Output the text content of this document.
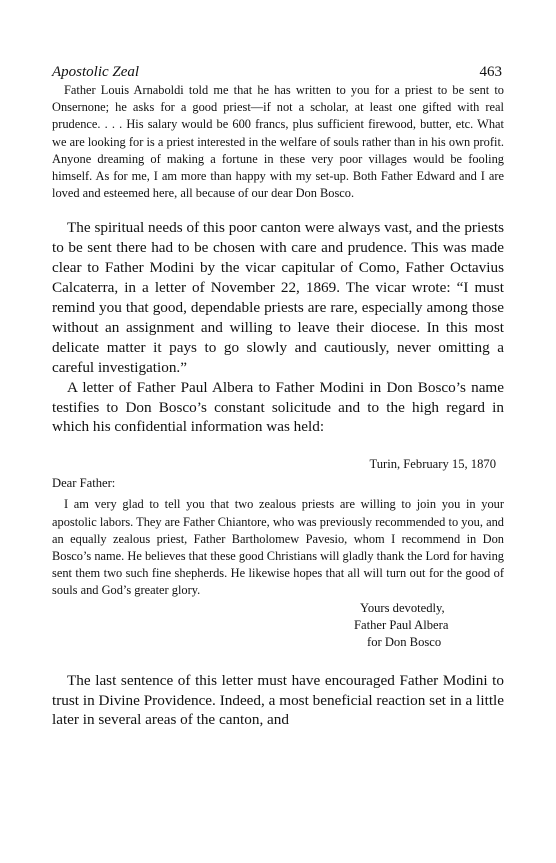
Apostolic Zeal	463

Father Louis Arnaboldi told me that he has written to you for a priest to be sent to Onsernone; he asks for a good priest—if not a scholar, at least one gifted with real prudence. . . . His salary would be 600 francs, plus sufficient firewood, butter, etc. What we are looking for is a priest interested in the welfare of souls rather than in his own profit. Anyone dreaming of making a fortune in these very poor villages would be fooling himself. As for me, I am more than happy with my set-up. Both Father Edward and I are loved and esteemed here, all because of our dear Don Bosco.

The spiritual needs of this poor canton were always vast, and the priests to be sent there had to be chosen with care and prudence. This was made clear to Father Modini by the vicar capitular of Como, Father Octavius Calcaterra, in a letter of November 22, 1869. The vicar wrote: “I must remind you that good, dependable priests are rare, especially among those without an assignment and willing to leave their diocese. In this most delicate matter it pays to go slowly and cautiously, never omitting a careful investigation.”

A letter of Father Paul Albera to Father Modini in Don Bosco’s name testifies to Don Bosco’s constant solicitude and to the high regard in which his confidential information was held:

Turin, February 15, 1870
Dear Father:

I am very glad to tell you that two zealous priests are willing to join you in your apostolic labors. They are Father Chiantore, who was previously recommended to you, and an equally zealous priest, Father Bartholomew Pavesio, whom I recommend in Don Bosco’s name. He believes that these good Christians will gladly thank the Lord for having sent them two such fine shepherds. He likewise hopes that all will turn out for the good of souls and God’s greater glory.

Yours devotedly,
Father Paul Albera
for Don Bosco

The last sentence of this letter must have encouraged Father Modini to trust in Divine Providence. Indeed, a most beneficial reaction set in a little later in several areas of the canton, and
